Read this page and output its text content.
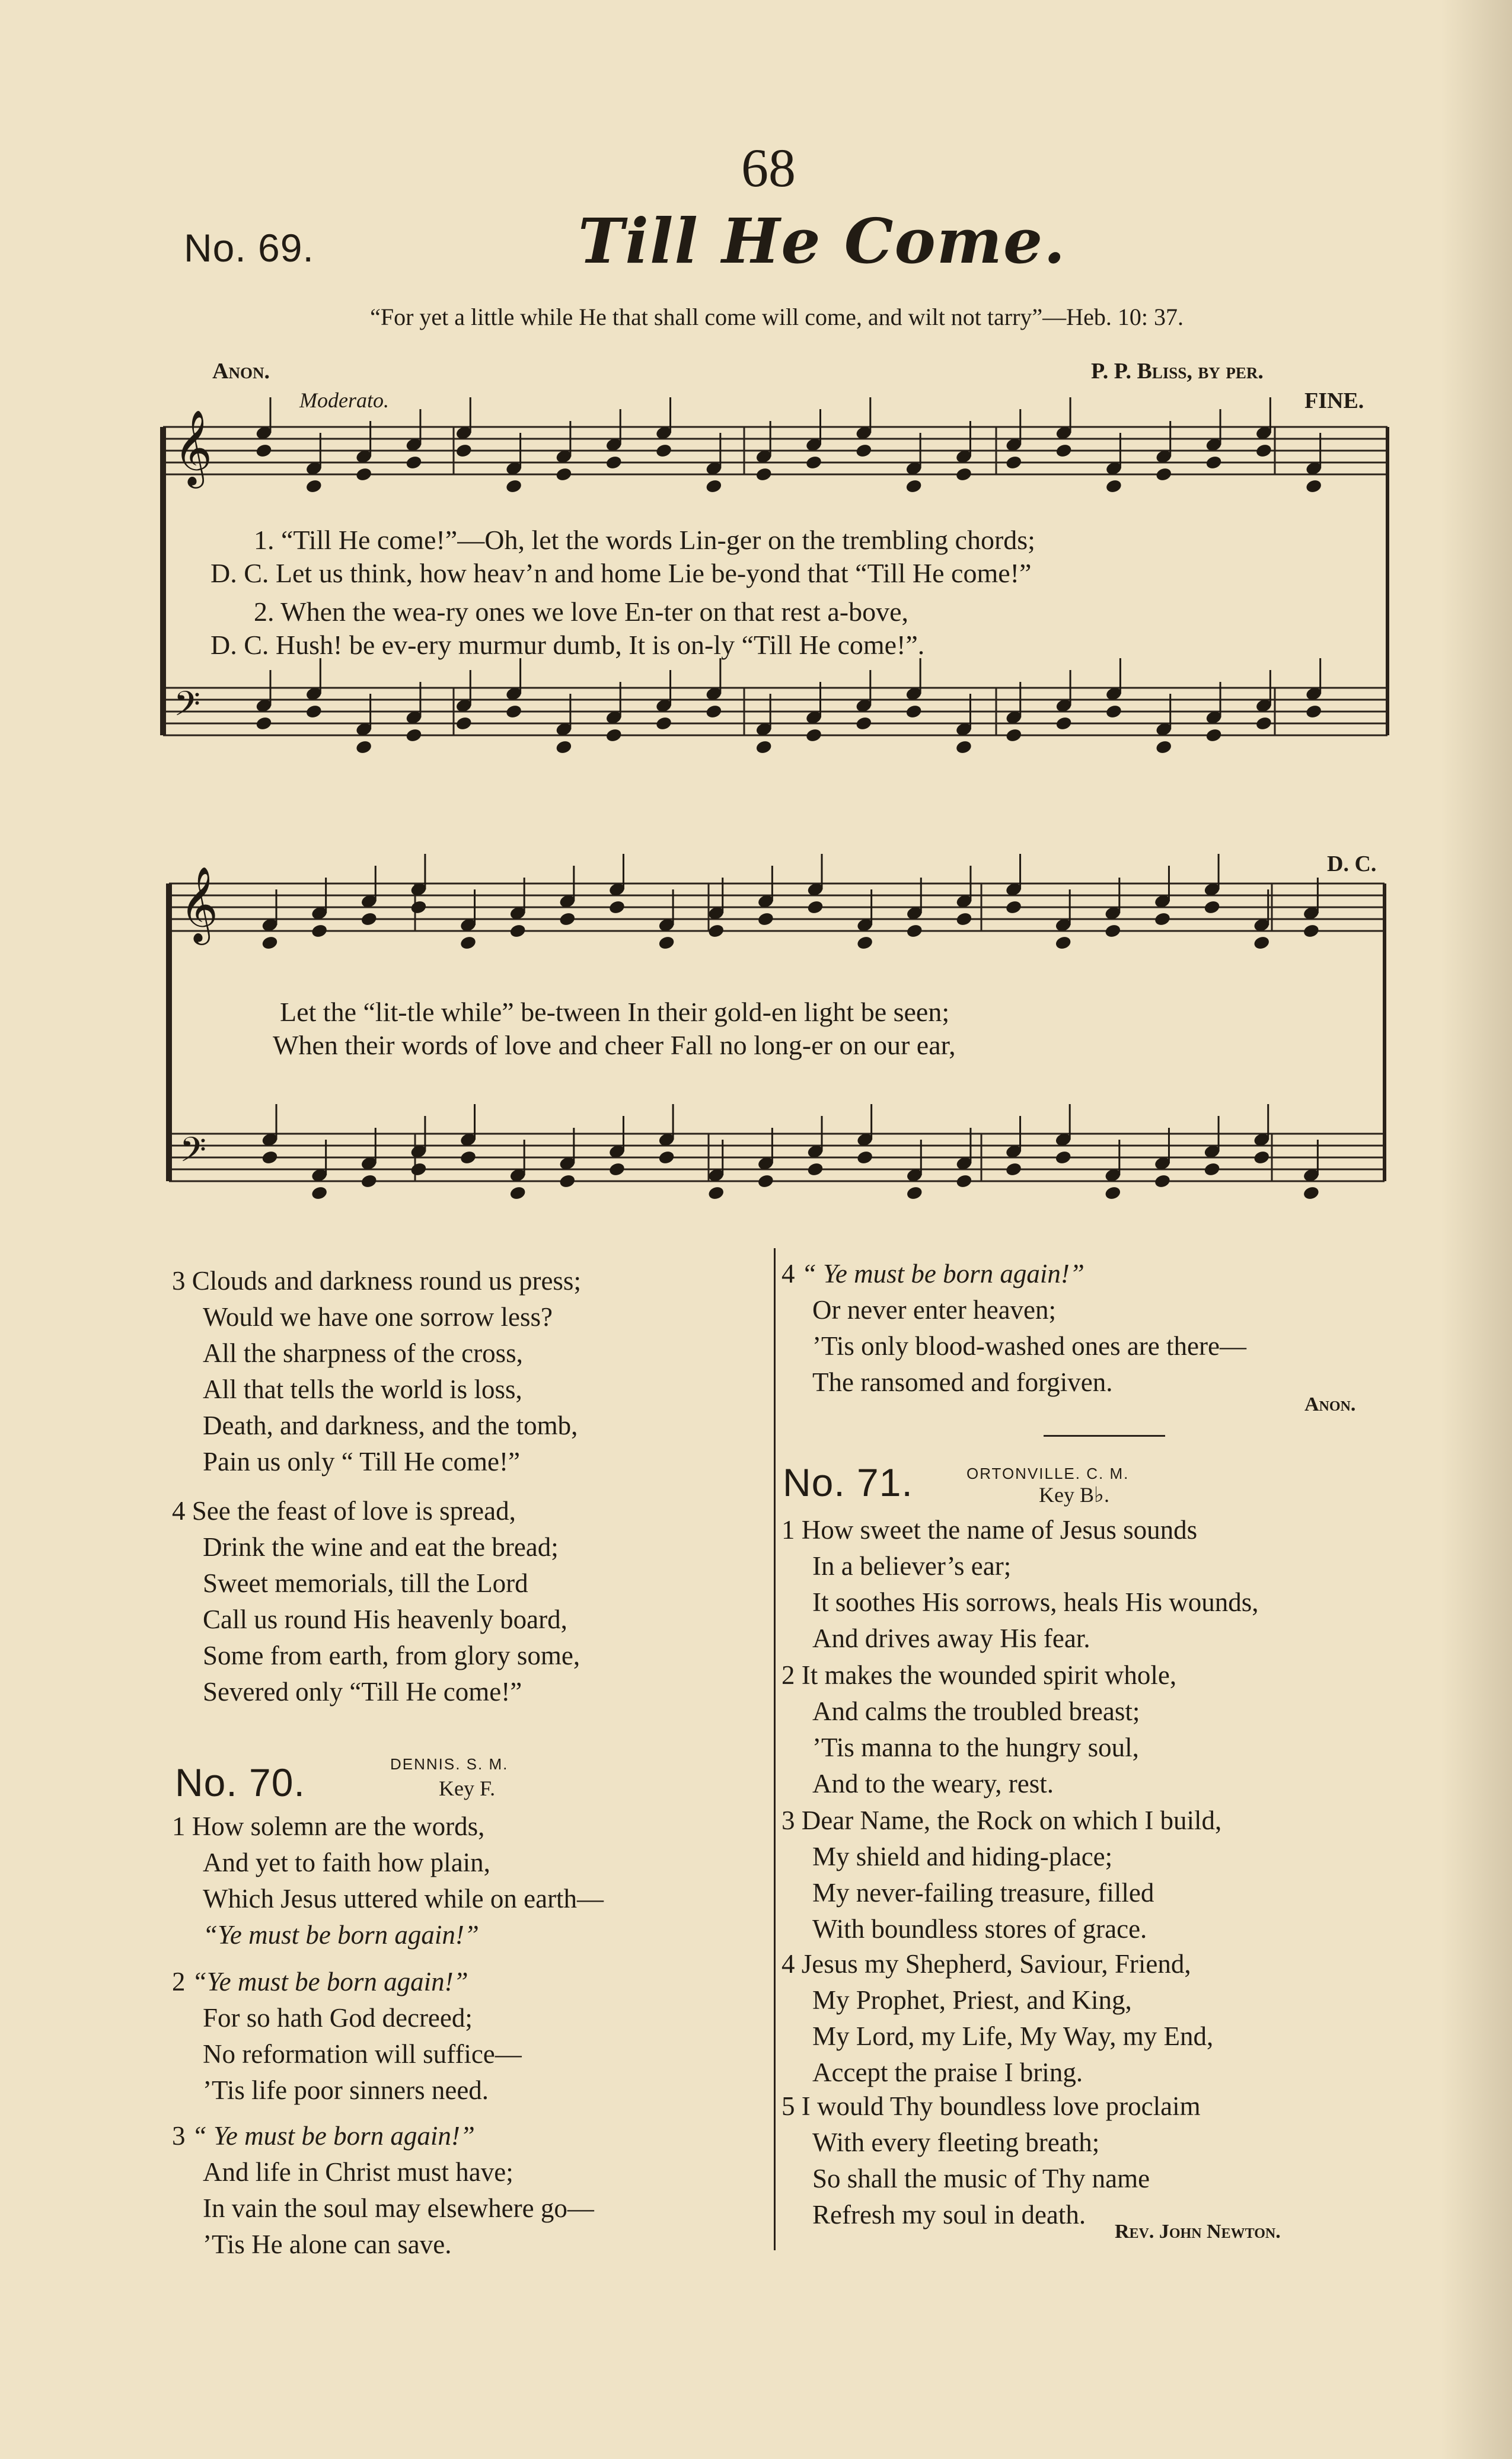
68
No. 69.	Till He Come.
“For yet a little while He that shall come will come, and wilt not tarry”—Heb. 10: 37.
Anon.	P. P. Bliss, by per.
Moderato.	FINE.
D. C.
𝄞
𝄢
𝄞
𝄢
1. “Till He come!”—Oh, let the words Lin-ger on the trembling chords;
D. C. Let us think, how heav’n and home Lie be-yond that “Till He come!”
2. When the wea-ry ones we love En-ter on that rest a-bove,
D. C. Hush! be ev-ery murmur dumb, It is on-ly “Till He come!”.
Let the “lit-tle while” be-tween In their gold-en light be seen;
When their words of love and cheer Fall no long-er on our ear,
3 Clouds and darkness round us press;
Would we have one sorrow less?
All the sharpness of the cross,
All that tells the world is loss,
Death, and darkness, and the tomb,
Pain us only “ Till He come!”
4 See the feast of love is spread,
Drink the wine and eat the bread;
Sweet memorials, till the Lord
Call us round His heavenly board,
Some from earth, from glory some,
Severed only “Till He come!”
No. 70.	DENNIS. S. M.
Key F.
1 How solemn are the words,
And yet to faith how plain,
Which Jesus uttered while on earth—
“Ye must be born again!”
2 “Ye must be born again!”
For so hath God decreed;
No reformation will suffice—
’Tis life poor sinners need.
3 “ Ye must be born again!”
And life in Christ must have;
In vain the soul may elsewhere go—
’Tis He alone can save.
4 “ Ye must be born again!”
Or never enter heaven;
’Tis only blood-washed ones are there—
The ransomed and forgiven.
Anon.
No. 71.	ORTONVILLE. C. M.
Key B♭.
1 How sweet the name of Jesus sounds
In a believer’s ear;
It soothes His sorrows, heals His wounds,
And drives away His fear.
2 It makes the wounded spirit whole,
And calms the troubled breast;
’Tis manna to the hungry soul,
And to the weary, rest.
3 Dear Name, the Rock on which I build,
My shield and hiding-place;
My never-failing treasure, filled
With boundless stores of grace.
4 Jesus my Shepherd, Saviour, Friend,
My Prophet, Priest, and King,
My Lord, my Life, My Way, my End,
Accept the praise I bring.
5 I would Thy boundless love proclaim
With every fleeting breath;
So shall the music of Thy name
Refresh my soul in death.
Rev. John Newton.
